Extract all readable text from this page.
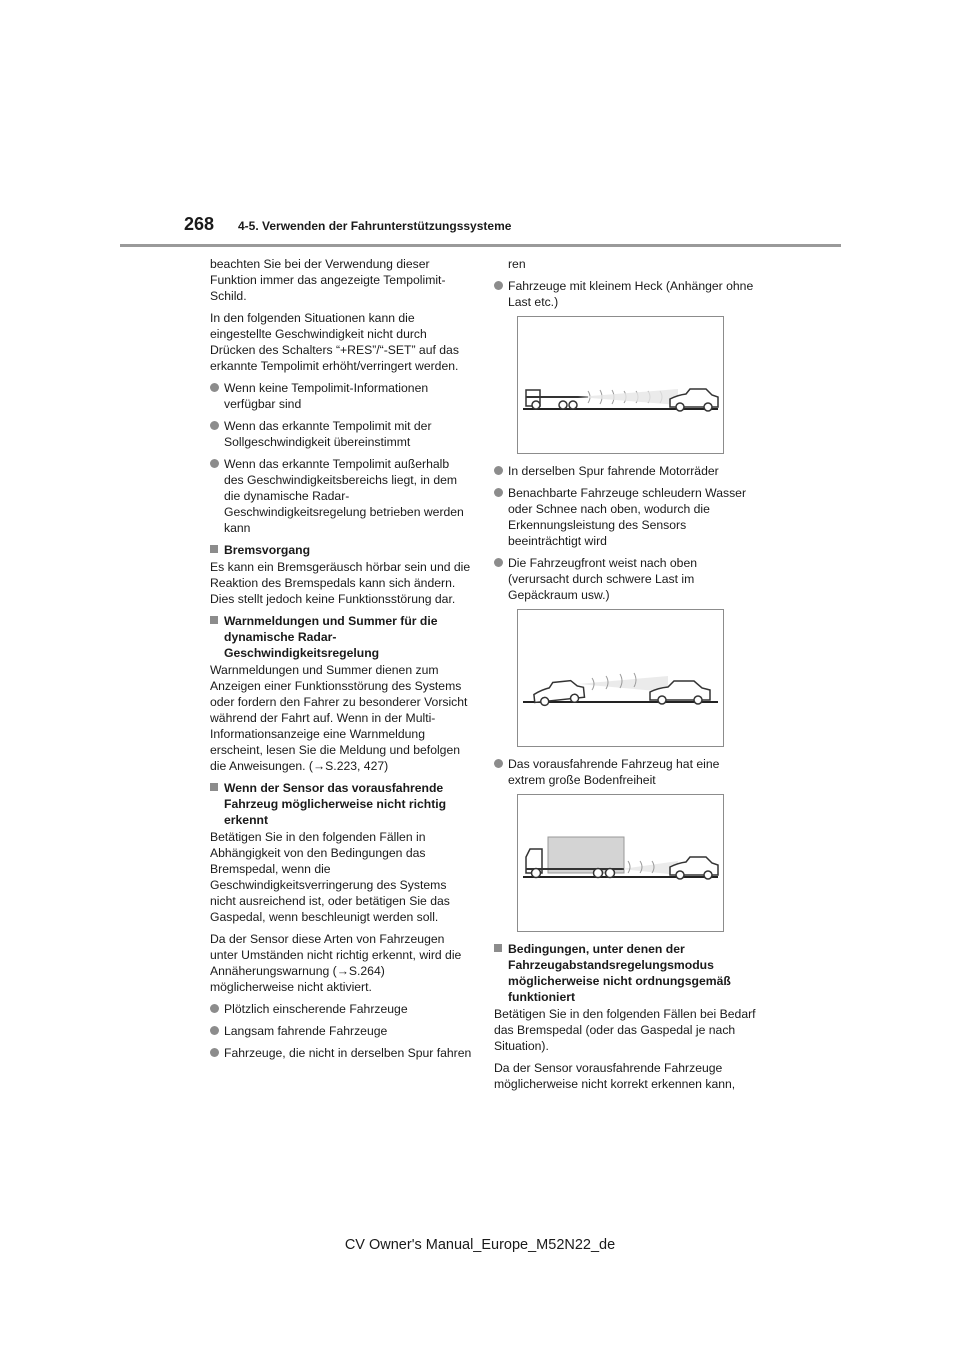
268 4-5. Verwenden der Fahrunterstützungssysteme

beachten Sie bei der Verwendung dieser Funktion immer das angezeigte Tempolimit-Schild.

In den folgenden Situationen kann die eingestellte Geschwindigkeit nicht durch Drücken des Schalters “+RES”/“-SET” auf das erkannte Tempolimit erhöht/verringert werden.

Wenn keine Tempolimit-Informationen verfügbar sind
Wenn das erkannte Tempolimit mit der Sollgeschwindigkeit übereinstimmt
Wenn das erkannte Tempolimit außerhalb des Geschwindigkeitsbereichs liegt, in dem die dynamische Radar-Geschwindigkeitsregelung betrieben werden kann
Bremsvorgang

Es kann ein Bremsgeräusch hörbar sein und die Reaktion des Bremspedals kann sich ändern. Dies stellt jedoch keine Funktionsstörung dar.

Warnmeldungen und Summer für die dynamische Radar-Geschwindigkeitsregelung

Warnmeldungen und Summer dienen zum Anzeigen einer Funktionsstörung des Systems oder fordern den Fahrer zu besonderer Vorsicht während der Fahrt auf. Wenn in der Multi-Informationsanzeige eine Warnmeldung erscheint, lesen Sie die Meldung und befolgen die Anweisungen. (→S.223, 427)

Wenn der Sensor das vorausfahrende Fahrzeug möglicherweise nicht richtig erkennt

Betätigen Sie in den folgenden Fällen in Abhängigkeit von den Bedingungen das Bremspedal, wenn die Geschwindigkeitsverringerung des Systems nicht ausreichend ist, oder betätigen Sie das Gaspedal, wenn beschleunigt werden soll.

Da der Sensor diese Arten von Fahrzeugen unter Umständen nicht richtig erkennt, wird die Annäherungswarnung (→S.264) möglicherweise nicht aktiviert.

Plötzlich einscherende Fahrzeuge
Langsam fahrende Fahrzeuge
Fahrzeuge, die nicht in derselben Spur fahren

ren

Fahrzeuge mit kleinem Heck (Anhänger ohne Last etc.)
In derselben Spur fahrende Motorräder
Benachbarte Fahrzeuge schleudern Wasser oder Schnee nach oben, wodurch die Erkennungsleistung des Sensors beeinträchtigt wird
Die Fahrzeugfront weist nach oben (verursacht durch schwere Last im Gepäckraum usw.)
Das vorausfahrende Fahrzeug hat eine extrem große Bodenfreiheit
Bedingungen, unter denen der Fahrzeugabstandsregelungsmodus möglicherweise nicht ordnungsgemäß funktioniert

Betätigen Sie in den folgenden Fällen bei Bedarf das Bremspedal (oder das Gaspedal je nach Situation).

Da der Sensor vorausfahrende Fahrzeuge möglicherweise nicht korrekt erkennen kann,

CV Owner's Manual_Europe_M52N22_de
